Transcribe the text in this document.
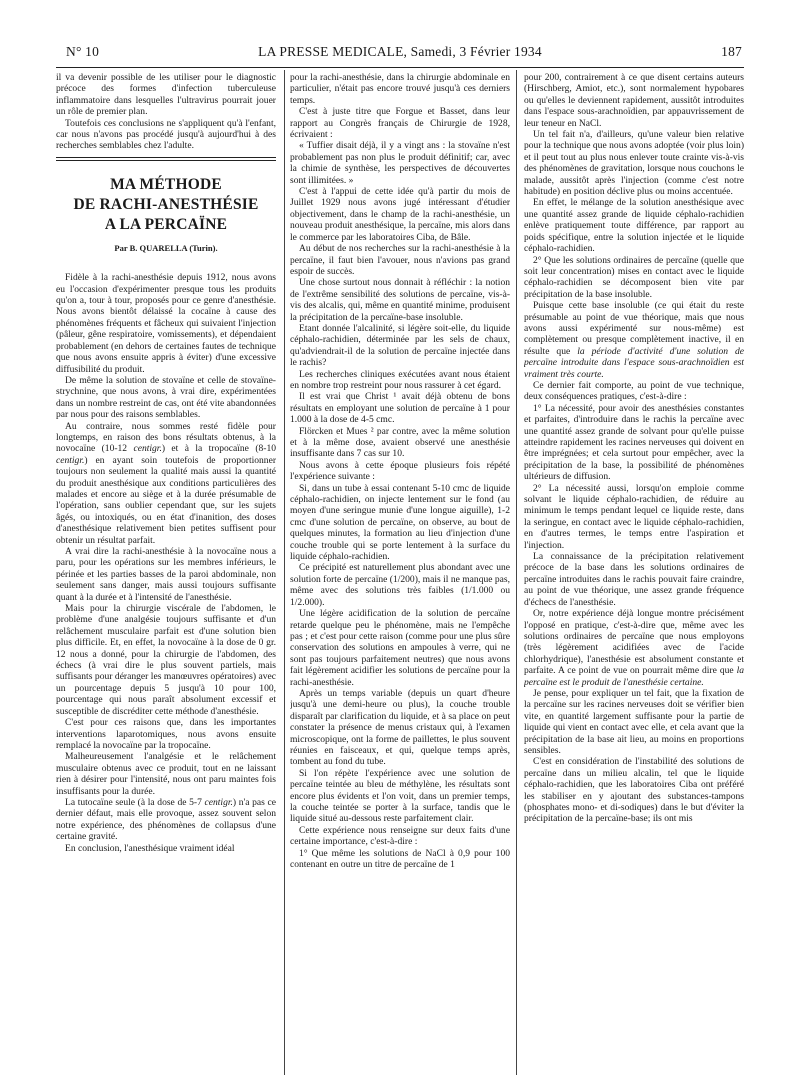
N° 10	LA PRESSE MEDICALE, Samedi, 3 Février 1934	187

il va devenir possible de les utiliser pour le diagnostic précoce des formes d'infection tuberculeuse inflammatoire dans lesquelles l'ultravirus pourrait jouer un rôle de premier plan.

Toutefois ces conclusions ne s'appliquent qu'à l'enfant, car nous n'avons pas procédé jusqu'à aujourd'hui à des recherches semblables chez l'adulte.

MA MÉTHODE
DE RACHI-ANESTHÉSIE
A LA PERCAÏNE
Par B. QUARELLA (Turin).

Fidèle à la rachi-anesthésie depuis 1912, nous avons eu l'occasion d'expérimenter presque tous les produits qu'on a, tour à tour, proposés pour ce genre d'anesthésie. Nous avons bientôt délaissé la cocaïne à cause des phénomènes fréquents et fâcheux qui suivaient l'injection (pâleur, gêne respiratoire, vomissements), et dépendaient probablement (en dehors de certaines fautes de technique que nous avons ensuite appris à éviter) d'une excessive diffusibilité du produit.

De même la solution de stovaïne et celle de stovaïne-strychnine, que nous avons, à vrai dire, expérimentées dans un nombre restreint de cas, ont été vite abandonnées par nous pour des raisons semblables.

Au contraire, nous sommes resté fidèle pour longtemps, en raison des bons résultats obtenus, à la novocaïne (10-12 centigr.) et à la tropocaïne (8-10 centigr.) en ayant soin toutefois de proportionner toujours non seulement la qualité mais aussi la quantité du produit anesthésique aux conditions particulières des malades et encore au siège et à la durée présumable de l'opération, sans oublier cependant que, sur les sujets âgés, ou intoxiqués, ou en état d'inanition, des doses d'anesthésique relativement bien petites suffisent pour obtenir un résultat parfait.

A vrai dire la rachi-anesthésie à la novocaïne nous a paru, pour les opérations sur les membres inférieurs, le périnée et les parties basses de la paroi abdominale, non seulement sans danger, mais aussi toujours suffisante quant à la durée et à l'intensité de l'anesthésie.

Mais pour la chirurgie viscérale de l'abdomen, le problème d'une analgésie toujours suffisante et d'un relâchement musculaire parfait est d'une solution bien plus difficile. Et, en effet, la novocaïne à la dose de 0 gr. 12 nous a donné, pour la chirurgie de l'abdomen, des échecs (à vrai dire le plus souvent partiels, mais suffisants pour déranger les manœuvres opératoires) avec un pourcentage depuis 5 jusqu'à 10 pour 100, pourcentage qui nous paraît absolument excessif et susceptible de discréditer cette méthode d'anesthésie.

C'est pour ces raisons que, dans les importantes interventions laparotomiques, nous avons ensuite remplacé la novocaïne par la tropocaïne.

Malheureusement l'analgésie et le relâchement musculaire obtenus avec ce produit, tout en ne laissant rien à désirer pour l'intensité, nous ont paru maintes fois insuffisants pour la durée.

La tutocaïne seule (à la dose de 5-7 centigr.) n'a pas ce dernier défaut, mais elle provoque, assez souvent selon notre expérience, des phénomènes de collapsus d'une certaine gravité.

En conclusion, l'anesthésique vraiment idéal

pour la rachi-anesthésie, dans la chirurgie abdominale en particulier, n'était pas encore trouvé jusqu'à ces derniers temps.

C'est à juste titre que Forgue et Basset, dans leur rapport au Congrès français de Chirurgie de 1928, écrivaient :

« Tuffier disait déjà, il y a vingt ans : la stovaïne n'est probablement pas non plus le produit définitif; car, avec la chimie de synthèse, les perspectives de découvertes sont illimitées. »

C'est à l'appui de cette idée qu'à partir du mois de Juillet 1929 nous avons jugé intéressant d'étudier objectivement, dans le champ de la rachi-anesthésie, un nouveau produit anesthésique, la percaïne, mis alors dans le commerce par les laboratoires Ciba, de Bâle.

Au début de nos recherches sur la rachi-anesthésie à la percaïne, il faut bien l'avouer, nous n'avions pas grand espoir de succès.

Une chose surtout nous donnait à réfléchir : la notion de l'extrême sensibilité des solutions de percaïne, vis-à-vis des alcalis, qui, même en quantité minime, produisent la précipitation de la percaïne-base insoluble.

Etant donnée l'alcalinité, si légère soit-elle, du liquide céphalo-rachidien, déterminée par les sels de chaux, qu'adviendrait-il de la solution de percaïne injectée dans le rachis?

Les recherches cliniques exécutées avant nous étaient en nombre trop restreint pour nous rassurer à cet égard.

Il est vrai que Christ ¹ avait déjà obtenu de bons résultats en employant une solution de percaïne à 1 pour 1.000 à la dose de 4-5 cmc.

Flörcken et Mues ² par contre, avec la même solution et à la même dose, avaient observé une anesthésie insuffisante dans 7 cas sur 10.

Nous avons à cette époque plusieurs fois répété l'expérience suivante :

Si, dans un tube à essai contenant 5-10 cmc de liquide céphalo-rachidien, on injecte lentement sur le fond (au moyen d'une seringue munie d'une longue aiguille), 1-2 cmc d'une solution de percaïne, on observe, au bout de quelques minutes, la formation au lieu d'injection d'une couche trouble qui se porte lentement à la surface du liquide céphalo-rachidien.

Ce précipité est naturellement plus abondant avec une solution forte de percaïne (1/200), mais il ne manque pas, même avec des solutions très faibles (1/1.000 ou 1/2.000).

Une légère acidification de la solution de percaïne retarde quelque peu le phénomène, mais ne l'empêche pas ; et c'est pour cette raison (comme pour une plus sûre conservation des solutions en ampoules à verre, qui ne sont pas toujours parfaitement neutres) que nous avons fait légèrement acidifier les solutions de percaïne pour la rachi-anesthésie.

Après un temps variable (depuis un quart d'heure jusqu'à une demi-heure ou plus), la couche trouble disparaît par clarification du liquide, et à sa place on peut constater la présence de menus cristaux qui, à l'examen microscopique, ont la forme de paillettes, le plus souvent réunies en faisceaux, et qui, quelque temps après, tombent au fond du tube.

Si l'on répète l'expérience avec une solution de percaïne teintée au bleu de méthylène, les résultats sont encore plus évidents et l'on voit, dans un premier temps, la couche teintée se porter à la surface, tandis que le liquide situé au-dessous reste parfaitement clair.

Cette expérience nous renseigne sur deux faits d'une certaine importance, c'est-à-dire :

1° Que même les solutions de NaCl à 0,9 pour 100 contenant en outre un titre de percaïne de 1

pour 200, contrairement à ce que disent certains auteurs (Hirschberg, Amiot, etc.), sont normalement hypobares ou qu'elles le deviennent rapidement, aussitôt introduites dans l'espace sous-arachnoïdien, par appauvrissement de leur teneur en NaCl.

Un tel fait n'a, d'ailleurs, qu'une valeur bien relative pour la technique que nous avons adoptée (voir plus loin) et il peut tout au plus nous enlever toute crainte vis-à-vis des phénomènes de gravitation, lorsque nous couchons le malade, aussitôt après l'injection (comme c'est notre habitude) en position déclive plus ou moins accentuée.

En effet, le mélange de la solution anesthésique avec une quantité assez grande de liquide céphalo-rachidien enlève pratiquement toute différence, par rapport au poids spécifique, entre la solution injectée et le liquide céphalo-rachidien.

2° Que les solutions ordinaires de percaïne (quelle que soit leur concentration) mises en contact avec le liquide céphalo-rachidien se décomposent bien vite par précipitation de la base insoluble.

Puisque cette base insoluble (ce qui était du reste présumable au point de vue théorique, mais que nous avons aussi expérimenté sur nous-même) est complètement ou presque complètement inactive, il en résulte que la période d'activité d'une solution de percaïne introduite dans l'espace sous-arachnoïdien est vraiment très courte.

Ce dernier fait comporte, au point de vue technique, deux conséquences pratiques, c'est-à-dire :

1° La nécessité, pour avoir des anesthésies constantes et parfaites, d'introduire dans le rachis la percaïne avec une quantité assez grande de solvant pour qu'elle puisse atteindre rapidement les racines nerveuses qui doivent en être imprégnées; et cela surtout pour empêcher, avec la précipitation de la base, la possibilité de phénomènes ultérieurs de diffusion.

2° La nécessité aussi, lorsqu'on emploie comme solvant le liquide céphalo-rachidien, de réduire au minimum le temps pendant lequel ce liquide reste, dans la seringue, en contact avec le liquide céphalo-rachidien, en d'autres termes, le temps entre l'aspiration et l'injection.

La connaissance de la précipitation relativement précoce de la base dans les solutions ordinaires de percaïne introduites dans le rachis pouvait faire craindre, au point de vue théorique, une assez grande fréquence d'échecs de l'anesthésie.

Or, notre expérience déjà longue montre précisément l'opposé en pratique, c'est-à-dire que, même avec les solutions ordinaires de percaïne que nous employons (très légèrement acidifiées avec de l'acide chlorhydrique), l'anesthésie est absolument constante et parfaite. A ce point de vue on pourrait même dire que la percaïne est le produit de l'anesthésie certaine.

Je pense, pour expliquer un tel fait, que la fixation de la percaïne sur les racines nerveuses doit se vérifier bien vite, en quantité largement suffisante pour la partie de liquide qui vient en contact avec elle, et cela avant que la précipitation de la base ait lieu, au moins en proportions sensibles.

C'est en considération de l'instabilité des solutions de percaïne dans un milieu alcalin, tel que le liquide céphalo-rachidien, que les laboratoires Ciba ont préféré les stabiliser en y ajoutant des substances-tampons (phosphates mono- et di-sodiques) dans le but d'éviter la précipitation de la percaïne-base; ils ont mis
